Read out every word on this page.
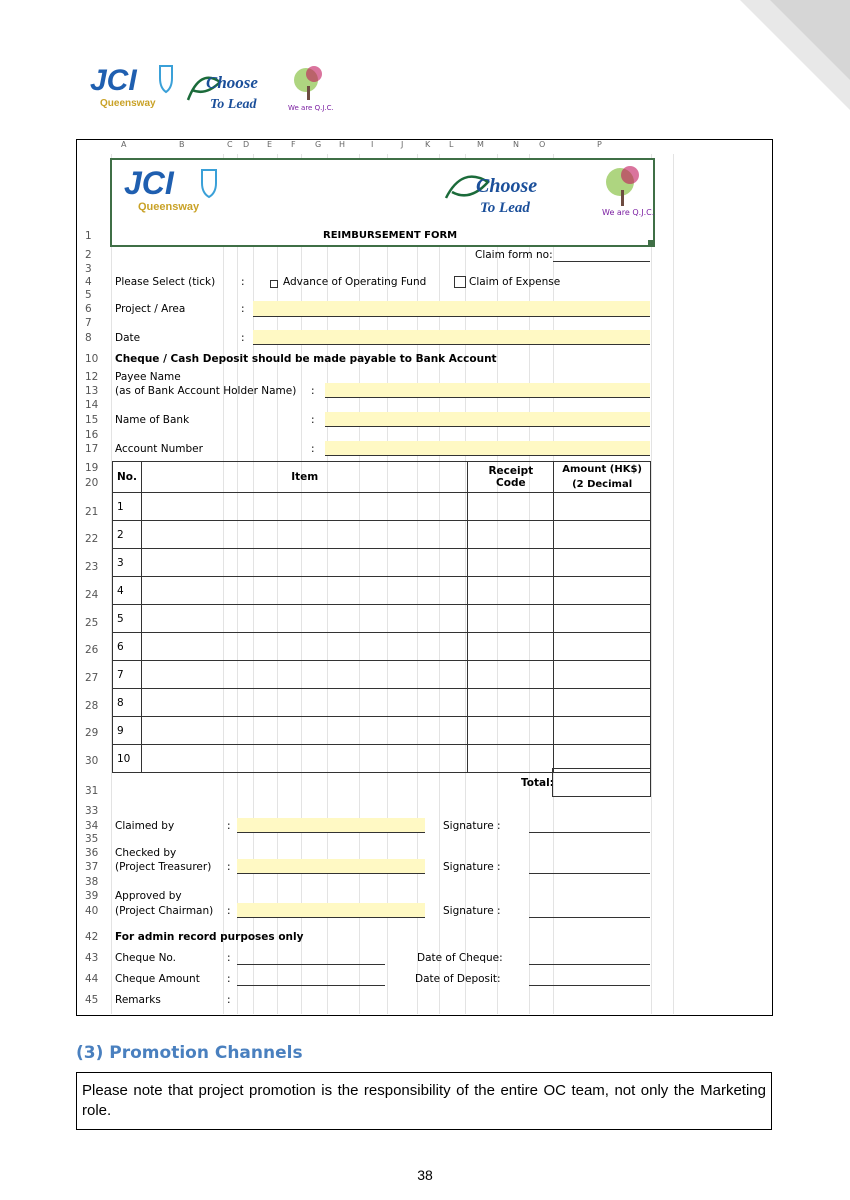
JCI
Queensway
Choose
To Lead	We are Q.J.C.
A	B	C D E F G H	I	J	K L	M	N	O	P
JCI
Queensway
Choose
To Lead	We are Q.J.C.
REIMBURSEMENT FORM
1
2
3
4
5
6
7
8
10
12
13
14
15
16
17
19
20
21
22
23
24
25
26
27
28
29
30
31
33
34
35
36
37
38
39
40
42
43
44
45
Claim form no:
Please Select (tick) :	Advance of Operating Fund	Claim of Expense
Project / Area	:
Date	:
Cheque / Cash Deposit should be made payable to Bank Account
Payee Name
(as of Bank Account Holder Name) :
Name of Bank	:
Account Number	:
No.	Item	Receipt Code	Amount (HK$)
(2 Decimal
1			
2			
3			
4			
5			
6			
7			
8			
9			
10			
Total:
Claimed by	:	Signature :
Checked by
(Project Treasurer) :	Signature :
Approved by
(Project Chairman) :	Signature :
For admin record purposes only
Cheque No.	:	Date of Cheque:
Cheque Amount	:	Date of Deposit:
Remarks	:
(3) Promotion Channels
Please note that project promotion is the responsibility of the entire OC team, not only the Marketing role.
38
